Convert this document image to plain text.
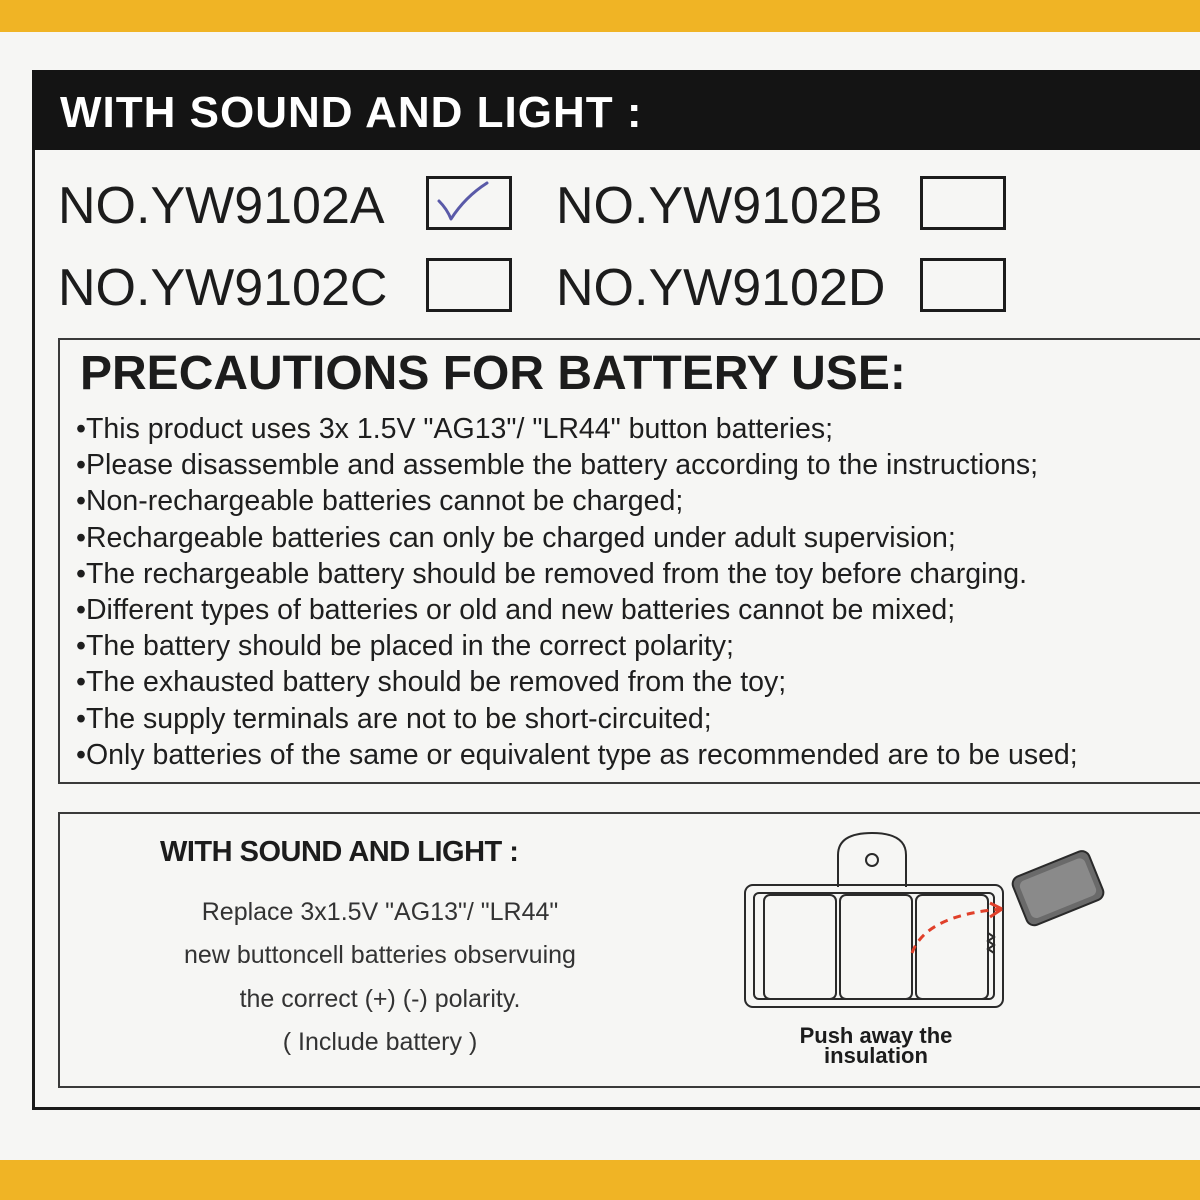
WITH SOUND AND LIGHT :
NO.YW9102A	NO.YW9102B
NO.YW9102C	NO.YW9102D
PRECAUTIONS FOR BATTERY USE:
•This product uses 3x 1.5V "AG13"/ "LR44" button batteries;
•Please disassemble and assemble the battery according to the instructions;
•Non-rechargeable batteries cannot be charged;
•Rechargeable batteries can only be charged under adult supervision;
•The rechargeable battery should be removed from the toy before charging.
•Different types of batteries or old and new batteries cannot be mixed;
•The battery should be placed in the correct polarity;
•The exhausted battery should be removed from the toy;
•The supply terminals are not to be short-circuited;
•Only batteries of the same or equivalent type as recommended are to be used;
WITH SOUND AND LIGHT :
Replace 3x1.5V "AG13"/ "LR44"
new buttoncell batteries observuing
the correct (+) (-) polarity.
( Include battery )	Push away the
insulation
